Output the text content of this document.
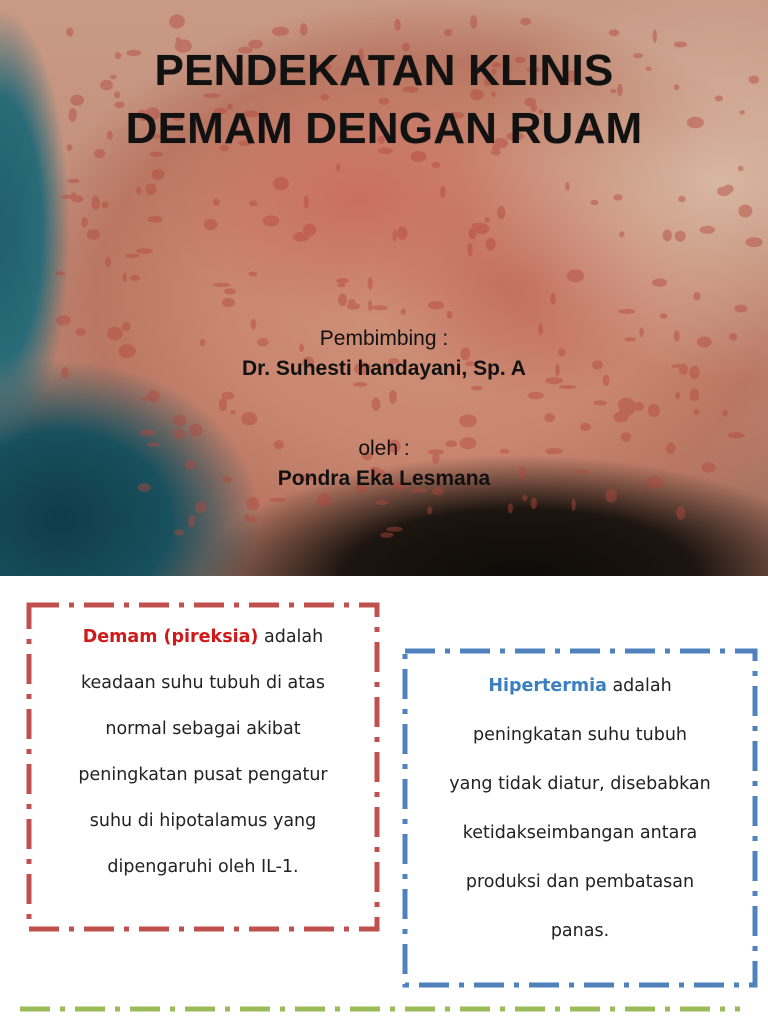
PENDEKATAN KLINIS
DEMAM DENGAN RUAM
Pembimbing :
Dr. Suhesti handayani, Sp. A
oleh :
Pondra Eka Lesmana

Demam (pireksia) adalah

keadaan suhu tubuh di atas

normal sebagai akibat

peningkatan pusat pengatur

suhu di hipotalamus yang

dipengaruhi oleh IL-1.

Hipertermia adalah

peningkatan suhu tubuh

yang tidak diatur, disebabkan

ketidakseimbangan antara

produksi dan pembatasan

panas.
